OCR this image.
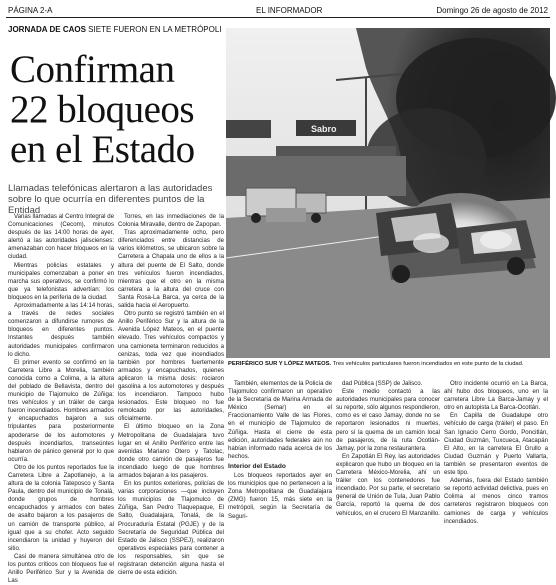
PÁGINA 2-A	EL INFORMADOR	Domingo 26 de agosto de 2012
JORNADA DE CAOS SIETE FUERON EN LA METRÓPOLI
Confirman
22 bloqueos
en el Estado
Llamadas telefónicas alertaron a las autoridades sobre lo que ocurría en diferentes puntos de la Entidad
Sabro
PERIFÉRICO SUR Y LÓPEZ MATEOS. Tres vehículos particulares fueron incendiados en este punto de la ciudad.

Varias llamadas al Centro Integral de Comunicaciones (Cecom), minutos después de las 14:00 horas de ayer, alertó a las autoridades jaliscienses: amenazaban con hacer bloqueos en la ciudad.

Mientras policías estatales y municipales comenzaban a poner en marcha sus operativos, se confirmó lo que ya telefonistas advertían: los bloqueos en la periferia de la ciudad.

Aproximadamente a las 14:14 horas, a través de redes sociales comenzaron a difundirse rumores de bloqueos en diferentes puntos. Instantes después también autoridades municipales confirmaron lo dicho.

El primer evento se confirmó en la Carretera Libre a Morelia, también conocida como a Colima, a la altura del poblado de Bellavista, dentro del municipio de Tlajomulco de Zúñiga: tres vehículos y un tráiler de carga fueron incendiados. Hombres armados y encapuchados bajaron a sus tripulantes para posteriormente apoderarse de los automotores y después incendiarlos, transeúntes hablaron de pánico general por lo que ocurría.

Otro de los puntos reportados fue la Carretera Libre a Zapotlanejo, a la altura de la colonia Tateposco y Santa Paula, dentro del municipio de Tonalá, donde grupos de hombres encapuchados y armados con bates de asalto bajaron a los pasajeros de un camión de transporte público, al igual que a su chofer. Acto seguido incendiaron la unidad y huyeron del sitio.

Casi de manera simultánea otro de los puntos críticos con bloqueos fue el Anillo Periférico Sur y la Avenida de Las

Torres, en las inmediaciones de la Colonia Miravalle, dentro de Zapopan.

Tras aproximadamente ocho, pero diferenciados entre distancias de varios kilómetros, se ubicaron sobre la Carretera a Chapala uno de ellos a la altura del puente de El Salto, donde tres vehículos fueron incendiados, mientras que el otro en la misma carretera a la altura del cruce con Santa Rosa-La Barca, ya cerca de la salida hacia el Aeropuerto.

Otro punto se registró también en el Anillo Periférico Sur y la altura de la Avenida López Mateos, en el puente elevado. Tres vehículos compactos y una camioneta terminaron reducidos a cenizas, toda vez que incendiados también por hombres fuertemente armados y encapuchados, quienes aplicaron la misma dosis: rociaron gasolina a los automotores y después los incendiaron. Tampoco hubo lesionados. Este bloqueo no fue remolcado por las autoridades, oficialmente.

El último bloqueo en la Zona Metropolitana de Guadalajara tuvo lugar en el Anillo Periférico entre las avenidas Mariano Otero y Tatolac, donde otro camión de pasajeros fue incendiado luego de que hombres armados bajaran a los pasajeros.

En los puntos exteriores, policías de varias corporaciones —que incluyen los municipios de Tlajomulco de Zúñiga, San Pedro Tlaquepaque, El Salto, Guadalajara, Tonalá, de la Procuraduría Estatal (PGJE) y de la Secretaría de Seguridad Pública del Estado de Jalisco (SSPEJ), realizaron operativos especiales para contener a los responsables, sin que se registraran detención alguna hasta el cierre de esta edición.

También, elementos de la Policía de Tlajomulco confirmaron un operativo de la Secretaría de Marina Armada de México (Semar) en el Fraccionamiento Valle de las Flores, en el municipio de Tlajomulco de Zúñiga. Hasta el cierre de esta edición, autoridades federales aún no habían informado nada acerca de los hechos.

Interior del Estado

Los bloqueos reportados ayer en los municipios que no pertenecen a la Zona Metropolitana de Guadalajara (ZMG) fueron 15, más siete en la metrópoli, según la Secretaría de Seguri-

dad Pública (SSP) de Jalisco.

Este medio contactó a las autoridades municipales para conocer su reporte, sólo algunos respondieron, como es el caso Jamay, donde no se reportaron lesionados ni muertes, pero sí la quema de un camión local de pasajeros, de la ruta Ocotlán-Jamay, por la zona restaurantera.

En Zapotlán El Rey, las autoridades explicaron que hubo un bloqueo en la Carretera México-Morelia, ahí un tráiler con los contenedores fue incendiado. Por su parte, el secretario general de Unión de Tula, Juan Pablo García, reportó la quema de dos vehículos, en el crucero El Manzanillo.

Otro incidente ocurrió en La Barca, ahí hubo dos bloqueos, uno en la carretera Libre La Barca-Jamay y el otro en autopista La Barca-Ocotlán.

En Capilla de Guadalupe otro vehículo de carga (tráiler) el paso. En San Ignacio Cerro Gordo, Poncitlán, Ciudad Guzmán, Tuxcueca, Atacapán El Alto, en la carretera El Grullo a Ciudad Guzmán y Puerto Vallarta, también se presentaron eventos de este tipo.

Además, fuera del Estado también se reportó actividad delictiva, pues en Colima al menos cinco tramos carreteros registraron bloqueos con camiones de carga y vehículos incendiados.
